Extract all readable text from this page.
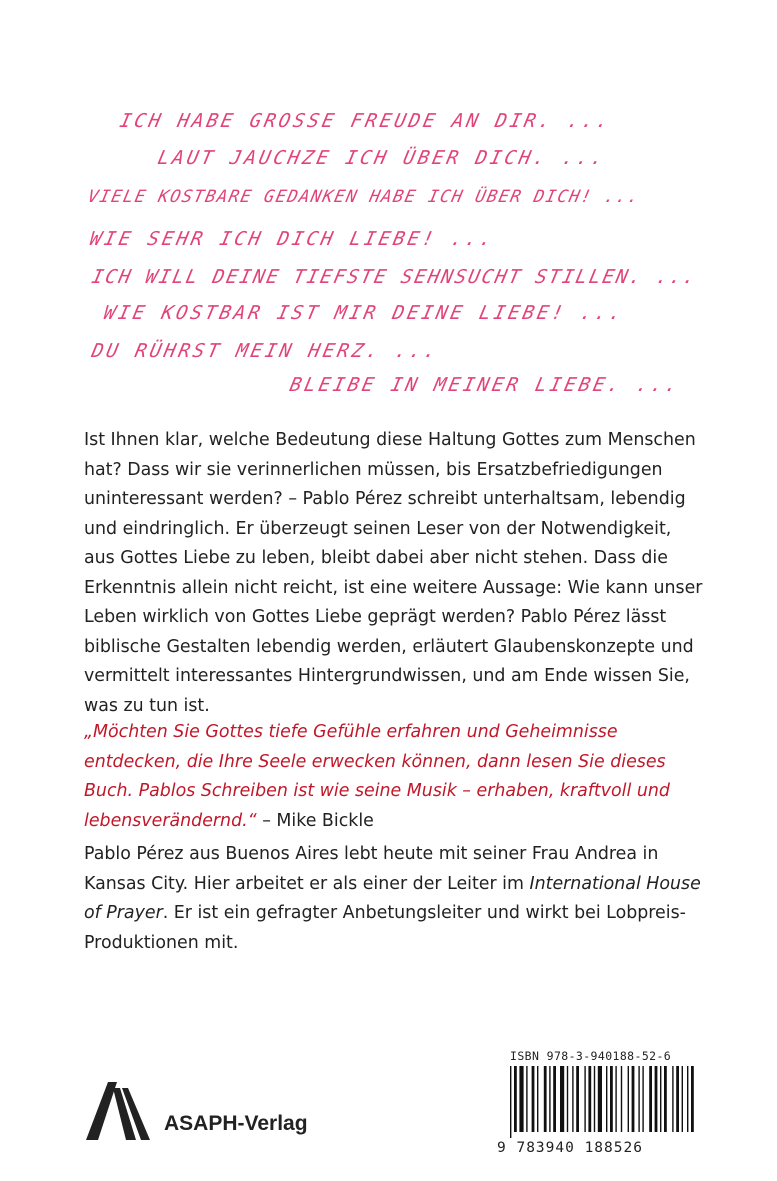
ICH HABE GROSSE FREUDE AN DIR. ...
LAUT JAUCHZE ICH ÜBER DICH. ...
VIELE KOSTBARE GEDANKEN HABE ICH ÜBER DICH! ...
WIE SEHR ICH DICH LIEBE! ...
ICH WILL DEINE TIEFSTE SEHNSUCHT STILLEN. ...
WIE KOSTBAR IST MIR DEINE LIEBE! ...
DU RÜHRST MEIN HERZ. ...
BLEIBE IN MEINER LIEBE. ...

Ist Ihnen klar, welche Bedeutung diese Haltung Gottes zum Menschen hat? Dass wir sie verinnerlichen müssen, bis Ersatzbefriedigungen uninteressant werden? – Pablo Pérez schreibt unterhaltsam, lebendig und eindringlich. Er überzeugt seinen Leser von der Notwendigkeit, aus Gottes Liebe zu leben, bleibt dabei aber nicht stehen. Dass die Erkenntnis allein nicht reicht, ist eine weitere Aussage: Wie kann unser Leben wirklich von Gottes Liebe geprägt werden? Pablo Pérez lässt biblische Gestalten lebendig werden, erläutert Glaubenskonzepte und vermittelt interessantes Hintergrundwissen, und am Ende wissen Sie, was zu tun ist.

„Möchten Sie Gottes tiefe Gefühle erfahren und Geheimnisse entdecken, die Ihre Seele erwecken können, dann lesen Sie dieses Buch. Pablos Schreiben ist wie seine Musik – erhaben, kraftvoll und lebensverändernd.“ – Mike Bickle

Pablo Pérez aus Buenos Aires lebt heute mit seiner Frau Andrea in Kansas City. Hier arbeitet er als einer der Leiter im International House of Prayer. Er ist ein gefragter Anbetungsleiter und wirkt bei Lobpreis-Produktionen mit.

ASAPH-Verlag
ISBN 978-3-940188-52-6
9 783940 188526
